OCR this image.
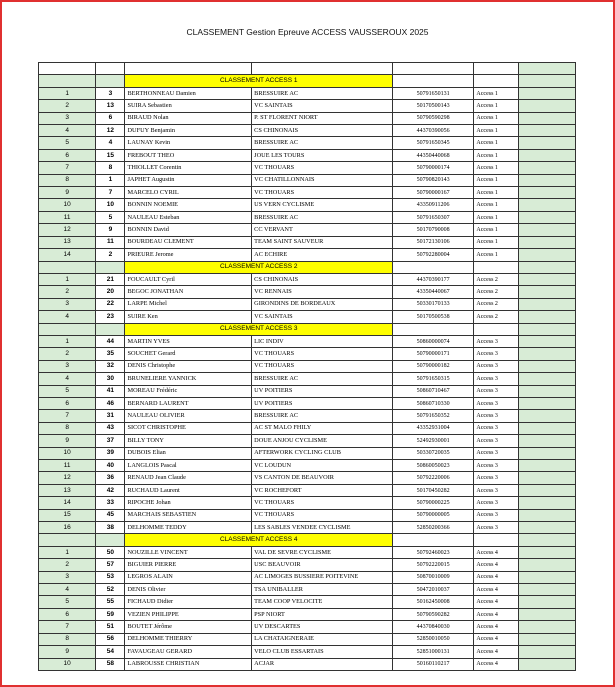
CLASSEMENT Gestion Epreuve ACCESS VAUSSEROUX 2025

		CLASSEMENT ACCESS 1				
1	3	BERTHONNEAU Damien	BRESSUIRE AC	50791650131	Access 1	
2	13	SUIRA Sebastien	VC SAINTAIS	50170500143	Access 1	
3	6	BIRAUD Nolan	P. ST FLORENT NIORT	50790590298	Access 1	
4	12	DUFUY Benjamin	CS CHINONAIS	44370390056	Access 1	
5	4	LAUNAY Kevin	BRESSUIRE AC	50791650345	Access 1	
6	15	FREBOUT THEO	JOUE LES TOURS	44350440068	Access 1	
7	8	THIOLLET Corentin	VC THOUARS	50790000174	Access 1	
8	1	JAPHET Augustin	VC CHATILLONNAIS	50790820143	Access 1	
9	7	MARCELO CYRIL	VC THOUARS	50790000167	Access 1	
10	10	BONNIN NOEMIE	US VERN CYCLISME	43350911206	Access 1	
11	5	NAULEAU Esteban	BRESSUIRE AC	50791650307	Access 1	
12	9	BONNIN David	CC VERVANT	50170790008	Access 1	
13	11	BOURDEAU CLEMENT	TEAM SAINT SAUVEUR	50172130106	Access 1	
14	2	PRIEURE Jerome	AC ECHIRE	50792280004	Access 1	
		CLASSEMENT ACCESS 2				
1	21	FOUCAULT Cyril	CS CHINONAIS	44370390177	Access 2	
2	20	BEGOC JONATHAN	VC RENNAIS	43350440067	Access 2	
3	22	LARPE Michel	GIRONDINS DE BORDEAUX	50330170133	Access 2	
4	23	SUIRE Ken	VC SAINTAIS	50170500538	Access 2	
		CLASSEMENT ACCESS 3				
1	44	MARTIN YVES	LIC INDIV	50860000074	Access 3	
2	35	SOUCHET Gerard	VC THOUARS	50790000171	Access 3	
3	32	DENIS Christophe	VC THOUARS	50790000182	Access 3	
4	30	BRUNELIERE YANNICK	BRESSUIRE AC	50791650315	Access 3	
5	41	MOREAU Frédéric	UV POITIERS	50860710467	Access 3	
6	46	BERNARD LAURENT	UV POITIERS	50860710330	Access 3	
7	31	NAULEAU OLIVIER	BRESSUIRE AC	50791650352	Access 3	
8	43	SICOT CHRISTOPHE	AC ST MALO FHILY	43352931004	Access 3	
9	37	BILLY TONY	DOUE ANJOU CYCLISME	52492930001	Access 3	
10	39	DUBOIS Elian	AFTERWORK CYCLING CLUB	50330720035	Access 3	
11	40	LANGLOIS Pascal	VC LOUDUN	50860050023	Access 3	
12	36	RENAUD Jean Claude	VS CANTON DE BEAUVOIR	50792220006	Access 3	
13	42	RUCHAUD Laurent	VC ROCHEFORT	50170450282	Access 3	
14	33	RIPOCHE Johan	VC THOUARS	50790000225	Access 3	
15	45	MARCHAIS SEBASTIEN	VC THOUARS	50790000005	Access 3	
16	38	DELHOMME TEDDY	LES SABLES VENDEE CYCLISME	52850200366	Access 3	
		CLASSEMENT ACCESS 4				
1	50	NOUZILLE VINCENT	VAL DE SEVRE CYCLISME	50792460023	Access 4	
2	57	BIGUIER PIERRE	USC BEAUVOIR	50792220015	Access 4	
3	53	LEGROS ALAIN	AC LIMOGES BUSSIERE POITEVINE	50870010009	Access 4	
4	52	DENIS Olivier	TSA UNIBALLER	50472010037	Access 4	
5	55	FICHAUD Didier	TEAM COOP VELOCITE	50162450008	Access 4	
6	59	VEZIEN PHILIPPE	PSP NIORT	50790590282	Access 4	
7	51	BOUTET Jérôme	UV DESCARTES	44370840030	Access 4	
8	56	DELHOMME THIERRY	LA CHATAIGNERAIE	52850010050	Access 4	
9	54	FAVAUGEAU GERARD	VELO CLUB ESSARTAIS	52851000131	Access 4	
10	58	LABROUSSE CHRISTIAN	ACJAR	50160110217	Access 4	
